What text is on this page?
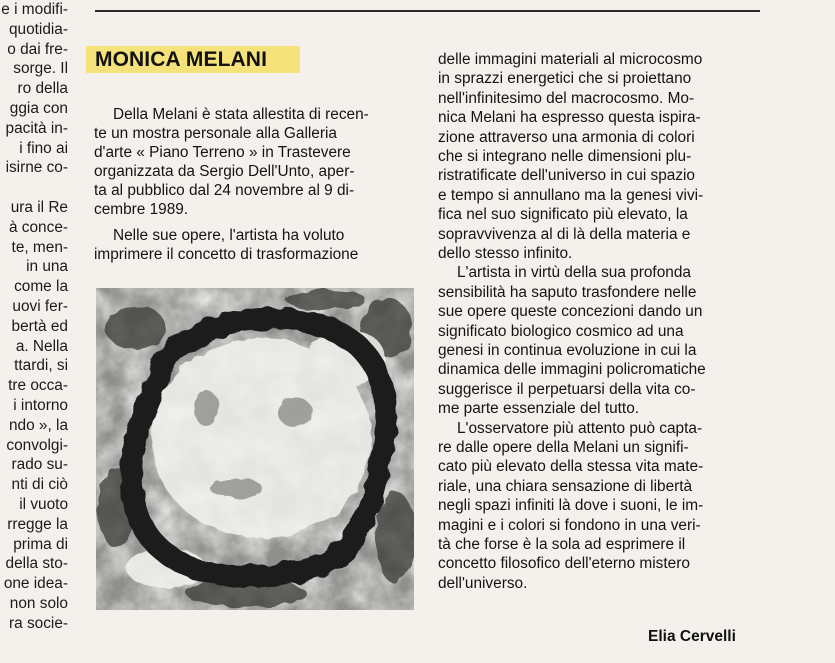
e i modifi-
quotidia-
o dai fre-
sorge. Il
ro della
ggia con
pacità in-
i fino ai
isirne co-
ura il Re
à conce-
te, men-
in una
come la
uovi fer-
bertà ed
a. Nella
ttardi, si
tre occa-
i intorno
ndo », la
convolgi-
rado su-
nti di ciò
il vuoto
rregge la
prima di
della sto-
one idea-
non solo
ra socie-
MONICA MELANI
Della Melani è stata allestita di recen-
te un mostra personale alla Galleria
d'arte « Piano Terreno » in Trastevere
organizzata da Sergio Dell'Unto, aper-
ta al pubblico dal 24 novembre al 9 di-
cembre 1989.
Nelle sue opere, l'artista ha voluto
imprimere il concetto di trasformazione
delle immagini materiali al microcosmo
in sprazzi energetici che si proiettano
nell'infinitesimo del macrocosmo. Mo-
nica Melani ha espresso questa ispira-
zione attraverso una armonia di colori
che si integrano nelle dimensioni plu-
ristratificate dell'universo in cui spazio
e tempo si annullano ma la genesi vivi-
fica nel suo significato più elevato, la
sopravvivenza al di là della materia e
dello stesso infinito.
L'artista in virtù della sua profonda
sensibilità ha saputo trasfondere nelle
sue opere queste concezioni dando un
significato biologico cosmico ad una
genesi in continua evoluzione in cui la
dinamica delle immagini policromatiche
suggerisce il perpetuarsi della vita co-
me parte essenziale del tutto.
L'osservatore più attento può capta-
re dalle opere della Melani un signifi-
cato più elevato della stessa vita mate-
riale, una chiara sensazione di libertà
negli spazi infiniti là dove i suoni, le im-
magini e i colori si fondono in una veri-
tà che forse è la sola ad esprimere il
concetto filosofico dell'eterno mistero
dell'universo.
Elia Cervelli
